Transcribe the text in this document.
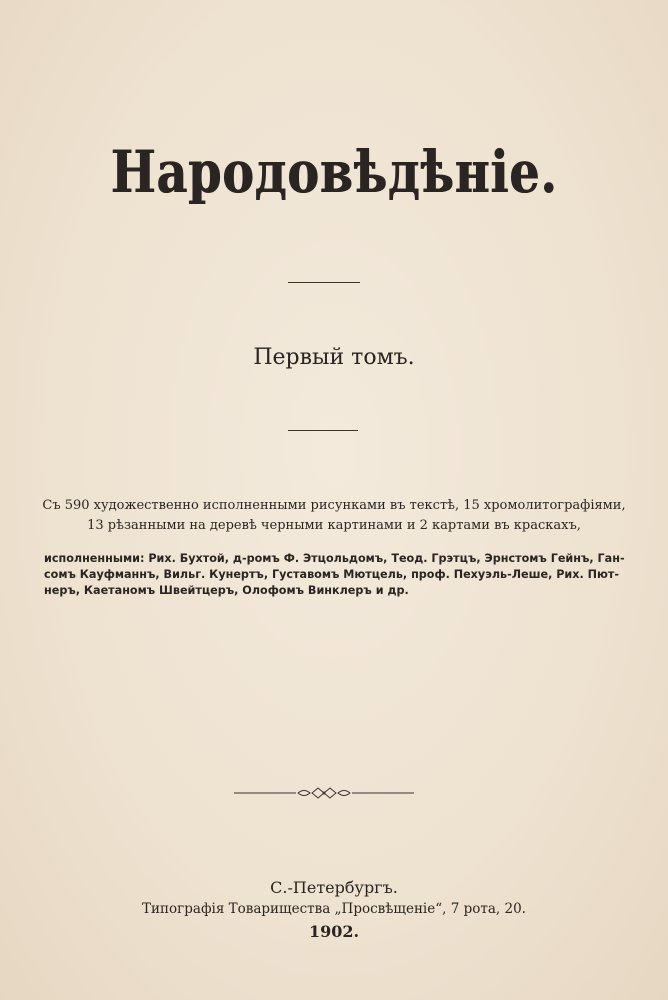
Народовѣдѣніе.
Первый томъ.
Съ 590 художественно исполненными рисунками въ текстѣ, 15 хромолитографіями,
13 рѣзанными на деревѣ черными картинами и 2 картами въ краскахъ,
исполненными: Рих. Бухтой, д-ромъ Ф. Этцольдомъ, Теод. Грэтцъ, Эрнстомъ Гейнъ, Ган-
сомъ Кауфманнъ, Вильг. Кунертъ, Густавомъ Мютцель, проф. Пехуэль-Леше, Рих. Пют-
неръ, Каетаномъ Швейтцеръ, Олофомъ Винклеръ и др.
С.-Петербургъ.
Типографія Товарищества „Просвѣщеніе“, 7 рота, 20.
1902.
